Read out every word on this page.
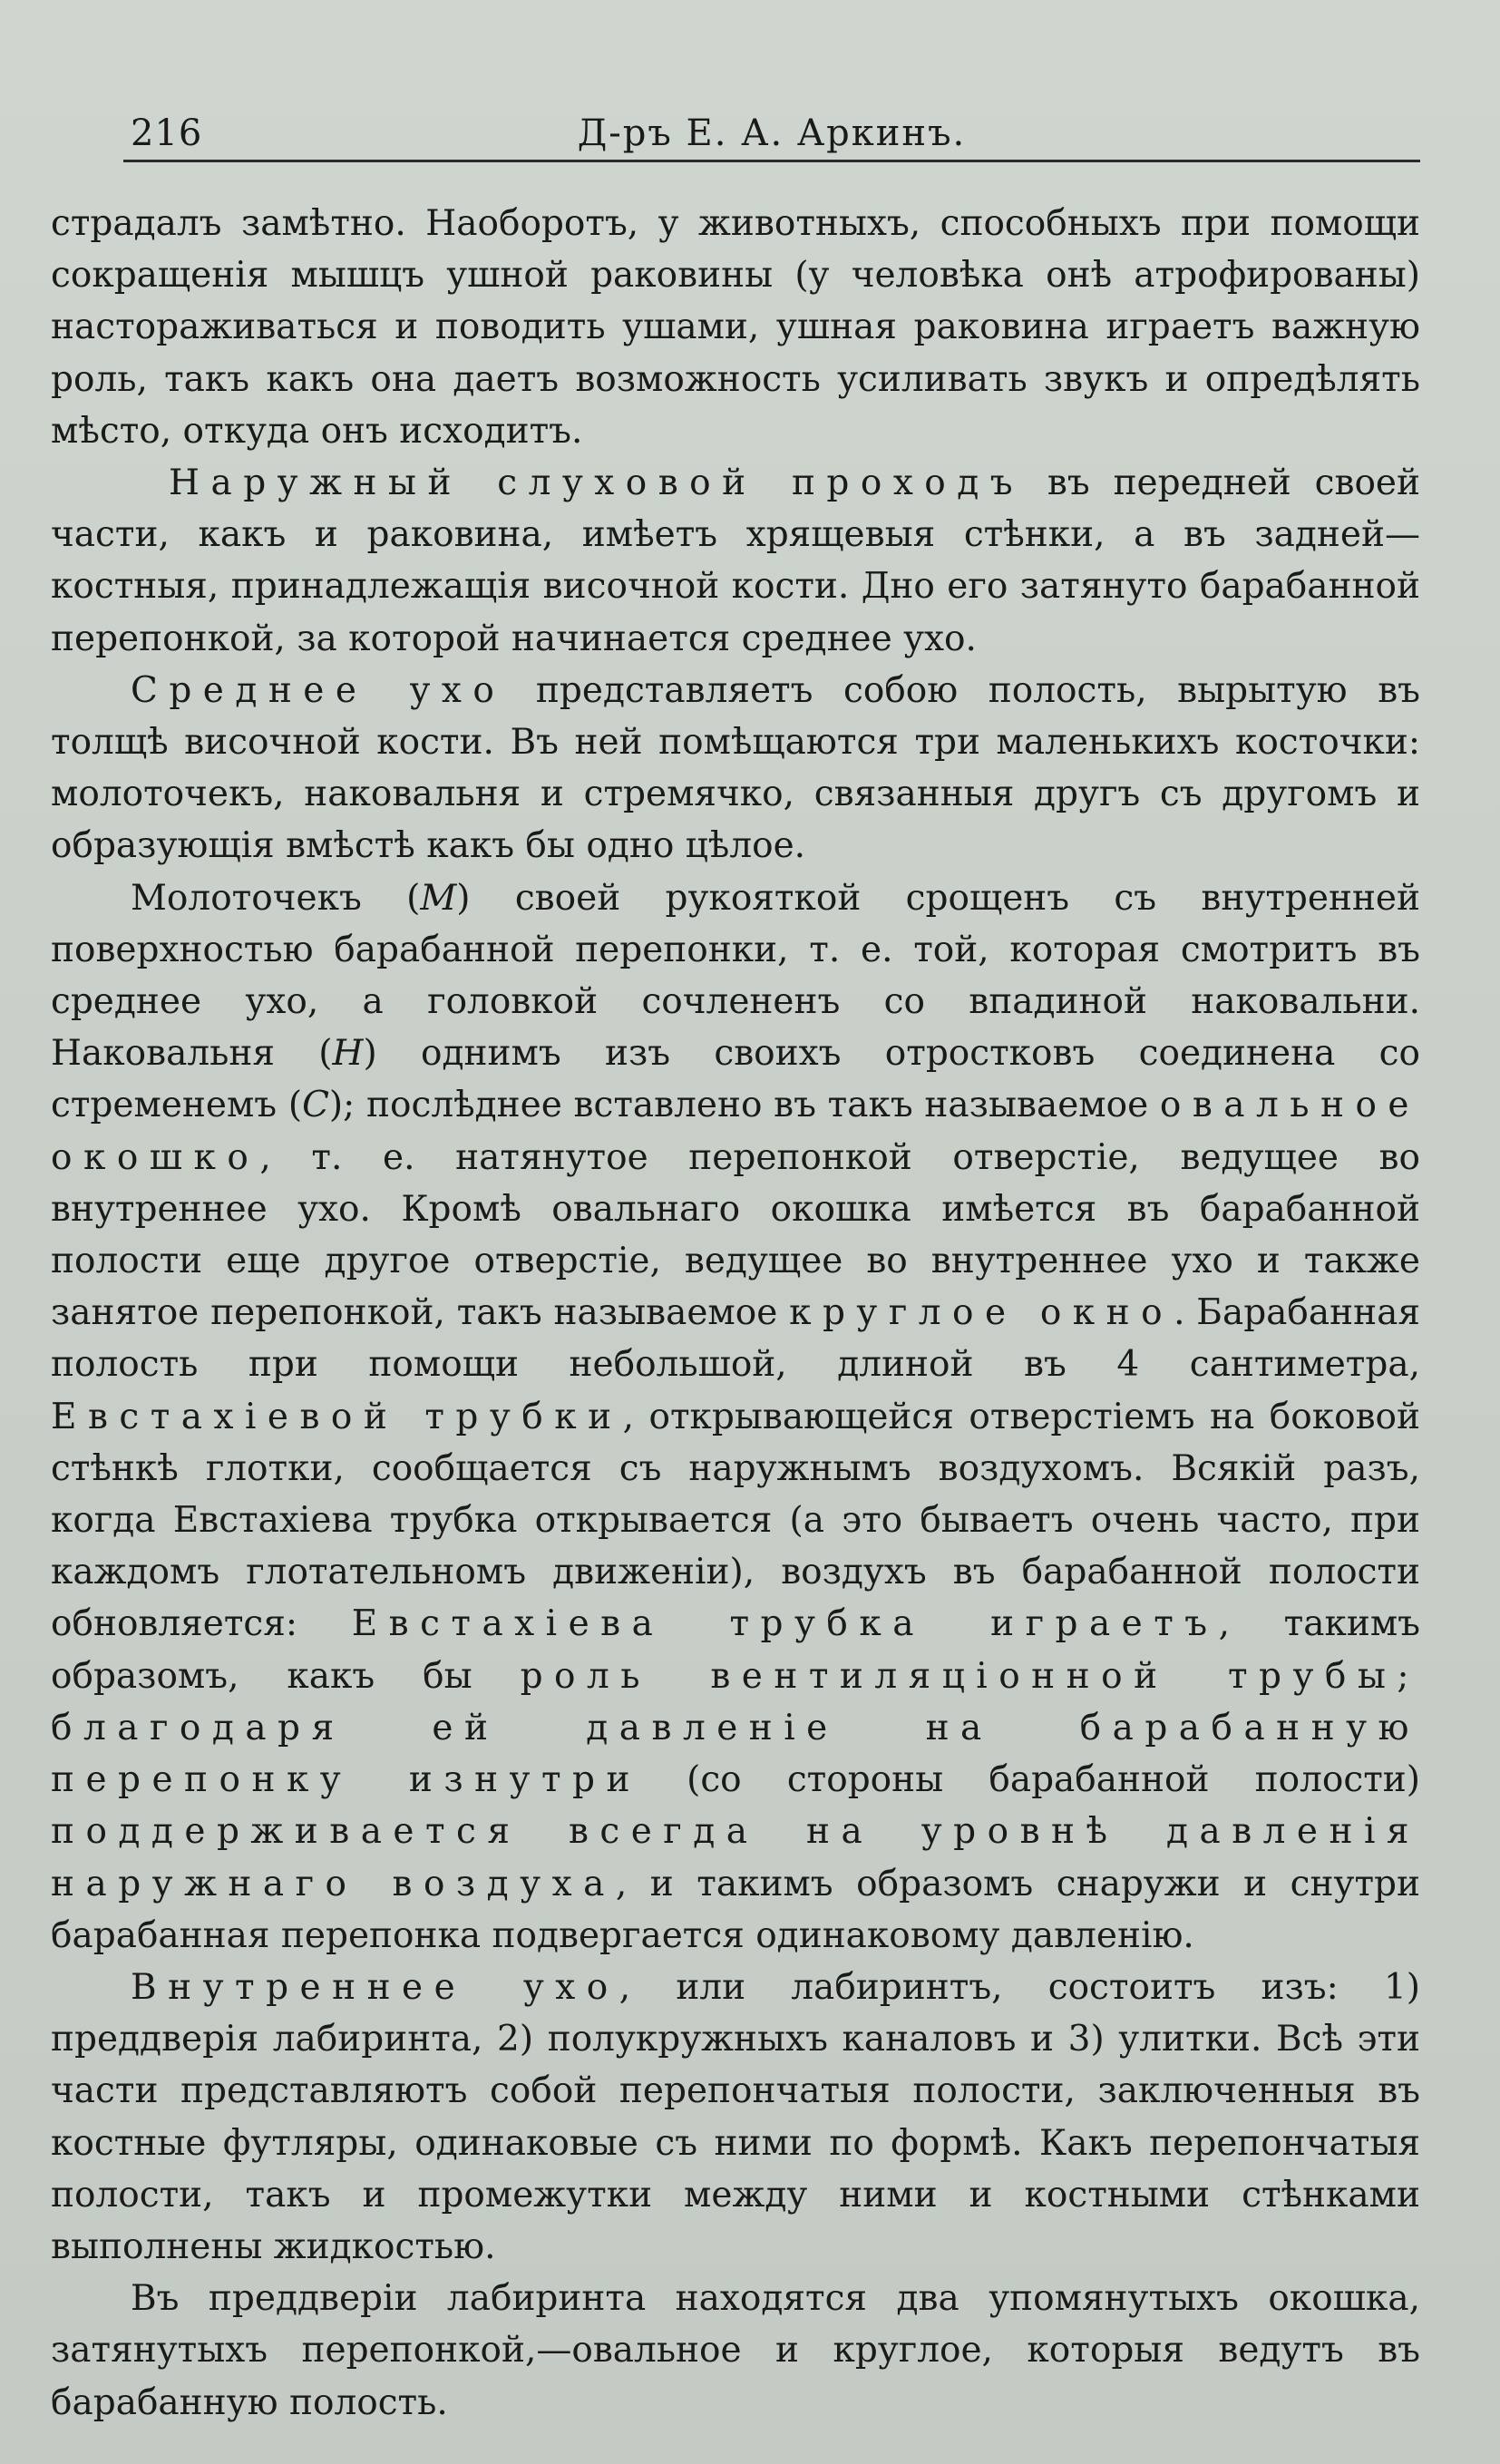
216	Д-ръ Е. А. Аркинъ.

страдалъ замѣтно. Наоборотъ, у животныхъ, способныхъ при помощи сокращенія мышцъ ушной раковины (у человѣка онѣ атрофированы) настораживаться и поводить ушами, ушная раковина играетъ важную роль, такъ какъ она даетъ возможность усиливать звукъ и опредѣлять мѣсто, откуда онъ исходитъ.

Наружный слуховой проходъ въ передней своей части, какъ и раковина, имѣетъ хрящевыя стѣнки, а въ задней—костныя, принадлежащія височной кости. Дно его затянуто барабанной перепонкой, за которой начинается среднее ухо.

Среднее ухо представляетъ собою полость, вырытую въ толщѣ височной кости. Въ ней помѣщаются три маленькихъ косточки: молоточекъ, наковальня и стремячко, связанныя другъ съ другомъ и образующія вмѣстѣ какъ бы одно цѣлое.

Молоточекъ (М) своей рукояткой срощенъ съ внутренней поверхностью барабанной перепонки, т. е. той, которая смотритъ въ среднее ухо, а головкой сочлененъ со впадиной наковальни. Наковальня (Н) однимъ изъ своихъ отростковъ соединена со стременемъ (С); послѣднее вставлено въ такъ называемое овальное окошко, т. е. натянутое перепонкой отверстіе, ведущее во внутреннее ухо. Кромѣ овальнаго окошка имѣется въ барабанной полости еще другое отверстіе, ведущее во внутреннее ухо и также занятое перепонкой, такъ называемое круглое окно. Барабанная полость при помощи небольшой, длиной въ 4 сантиметра, Евстахіевой трубки, открывающейся отверстіемъ на боковой стѣнкѣ глотки, сообщается съ наружнымъ воздухомъ. Всякій разъ, когда Евстахіева трубка открывается (а это бываетъ очень часто, при каждомъ глотательномъ движеніи), воздухъ въ барабанной полости обновляется: Евстахіева трубка играетъ, такимъ образомъ, какъ бы роль вентиляціонной трубы; благодаря ей давленіе на барабанную перепонку изнутри (со стороны барабанной полости) поддерживается всегда на уровнѣ давленія наружнаго воздуха, и такимъ образомъ снаружи и снутри барабанная перепонка подвергается одинаковому давленію.

Внутреннее ухо, или лабиринтъ, состоитъ изъ: 1) преддверія лабиринта, 2) полукружныхъ каналовъ и 3) улитки. Всѣ эти части представляютъ собой перепончатыя полости, заключенныя въ костные футляры, одинаковые съ ними по формѣ. Какъ перепончатыя полости, такъ и промежутки между ними и костными стѣнками выполнены жидкостью.

Въ преддверіи лабиринта находятся два упомянутыхъ окошка, затянутыхъ перепонкой,—овальное и круглое, которыя ведутъ въ барабанную полость.
